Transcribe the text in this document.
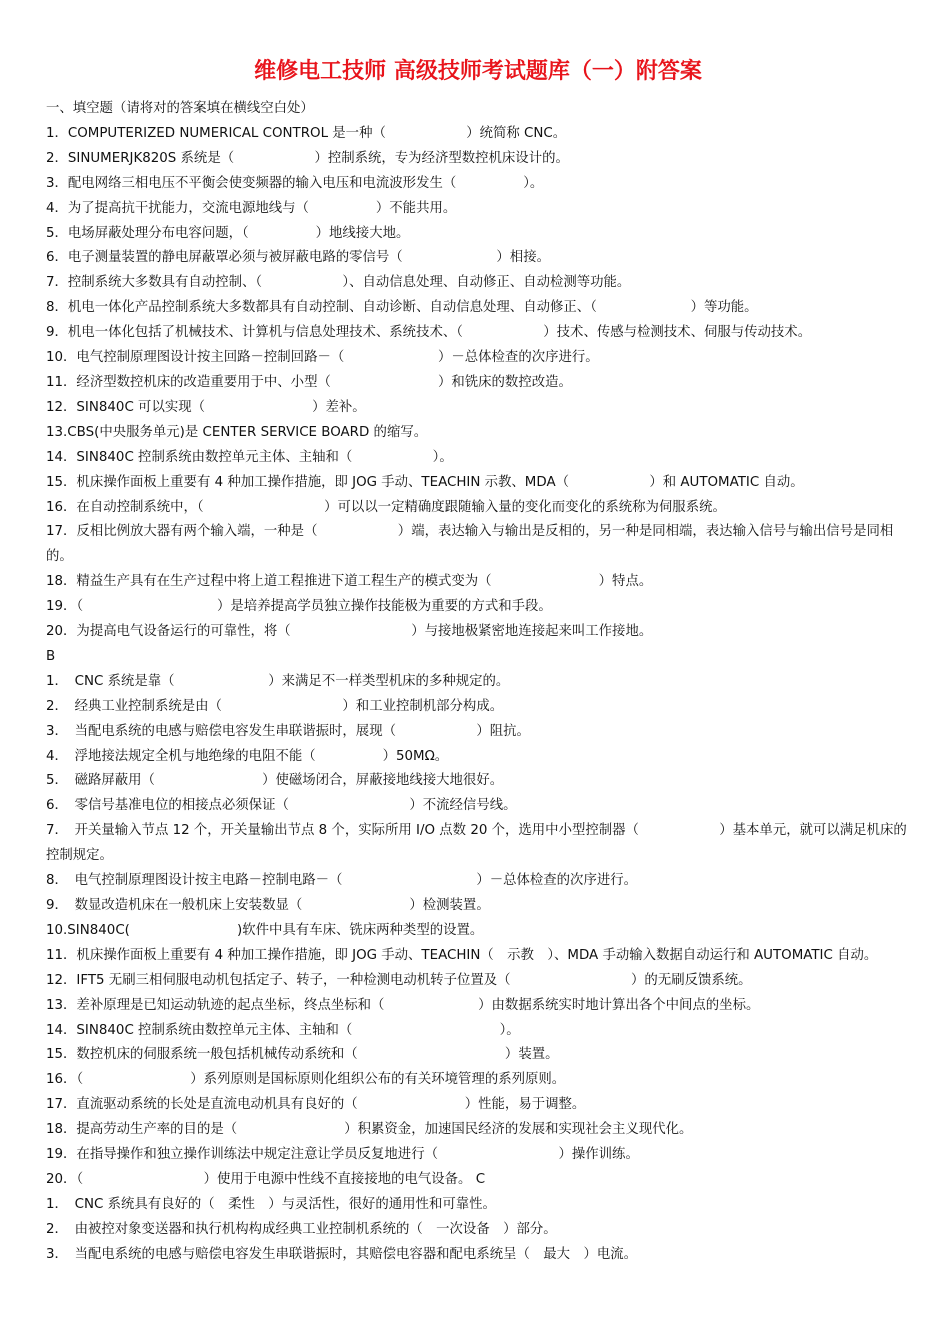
维修电工技师 高级技师考试题库（一）附答案
一、填空题（请将对的答案填在横线空白处）
1．COMPUTERIZED NUMERICAL CONTROL 是一种（　　　　　　）统简称 CNC。
2．SINUMERJK820S 系统是（　　　　　　）控制系统，专为经济型数控机床设计的。
3．配电网络三相电压不平衡会使变频器的输入电压和电流波形发生（　　　　　）。
4．为了提高抗干扰能力，交流电源地线与（　　　　　）不能共用。
5．电场屏蔽处理分布电容问题，（　　　　　）地线接大地。
6．电子测量装置的静电屏蔽罩必须与被屏蔽电路的零信号（　　　　　　　）相接。
7．控制系统大多数具有自动控制、（　　　　　　）、自动信息处理、自动修正、自动检测等功能。
8．机电一体化产品控制系统大多数都具有自动控制、自动诊断、自动信息处理、自动修正、（　　　　　　　）等功能。
9．机电一体化包括了机械技术、计算机与信息处理技术、系统技术、（　　　　　　）技术、传感与检测技术、伺服与传动技术。
10．电气控制原理图设计按主回路－控制回路－（　　　　　　　）－总体检查的次序进行。
11．经济型数控机床的改造重要用于中、小型（　　　　　　　　）和铣床的数控改造。
12．SIN840C 可以实现（　　　　　　　　）差补。
13.CBS(中央服务单元)是 CENTER SERVICE BOARD 的缩写。
14．SIN840C 控制系统由数控单元主体、主轴和（　　　　　　）。
15．机床操作面板上重要有 4 种加工操作措施，即 JOG 手动、TEACHIN 示教、MDA（　　　　　　）和 AUTOMATIC 自动。
16．在自动控制系统中，（　　　　　　　　　）可以以一定精确度跟随输入量的变化而变化的系统称为伺服系统。
17．反相比例放大器有两个输入端，一种是（　　　　　　）端，表达输入与输出是反相的，另一种是同相端，表达输入信号与输出信号是同相的。
18．精益生产具有在生产过程中将上道工程推进下道工程生产的模式变为（　　　　　　　　）特点。
19．（　　　　　　　　　　）是培养提高学员独立操作技能极为重要的方式和手段。
20．为提高电气设备运行的可靠性，将（　　　　　　　　　）与接地极紧密地连接起来叫工作接地。
B
1．　CNC 系统是靠（　　　　　　　）来满足不一样类型机床的多种规定的。
2．　经典工业控制系统是由（　　　　　　　　　）和工业控制机部分构成。
3．　当配电系统的电感与赔偿电容发生串联谐振时，展现（　　　　　　）阻抗。
4．　浮地接法规定全机与地绝缘的电阻不能（　　　　　）50MΩ。
5．　磁路屏蔽用（　　　　　　　　）使磁场闭合，屏蔽接地线接大地很好。
6．　零信号基准电位的相接点必须保证（　　　　　　　　　）不流经信号线。
7．　开关量输入节点 12 个，开关量输出节点 8 个，实际所用 I/O 点数 20 个，选用中小型控制器（　　　　　　）基本单元，就可以满足机床的控制规定。
8．　电气控制原理图设计按主电路－控制电路－（　　　　　　　　　　）－总体检查的次序进行。
9．　数显改造机床在一般机床上安装数显（　　　　　　　　）检测装置。
10.SIN840C(　　　　　　　　)软件中具有车床、铣床两种类型的设置。
11．机床操作面板上重要有 4 种加工操作措施，即 JOG 手动、TEACHIN（　示教　）、MDA 手动输入数据自动运行和 AUTOMATIC 自动。
12．IFT5 无刷三相伺服电动机包括定子、转子，一种检测电动机转子位置及（　　　　　　　　　）的无刷反馈系统。
13．差补原理是已知运动轨迹的起点坐标，终点坐标和（　　　　　　　）由数据系统实时地计算出各个中间点的坐标。
14．SIN840C 控制系统由数控单元主体、主轴和（　　　　　　　　　　　）。
15．数控机床的伺服系统一般包括机械传动系统和（　　　　　　　　　　　）装置。
16．（　　　　　　　　）系列原则是国标原则化组织公布的有关环境管理的系列原则。
17．直流驱动系统的长处是直流电动机具有良好的（　　　　　　　　）性能，易于调整。
18．提高劳动生产率的目的是（　　　　　　　　）积累资金，加速国民经济的发展和实现社会主义现代化。
19．在指导操作和独立操作训练法中规定注意让学员反复地进行（　　　　　　　　　）操作训练。
20．（　　　　　　　　　）使用于电源中性线不直接接地的电气设备。 C
1．　CNC 系统具有良好的（　柔性　）与灵活性，很好的通用性和可靠性。
2．　由被控对象变送器和执行机构构成经典工业控制机系统的（　一次设备　）部分。
3．　当配电系统的电感与赔偿电容发生串联谐振时，其赔偿电容器和配电系统呈（　最大　）电流。
